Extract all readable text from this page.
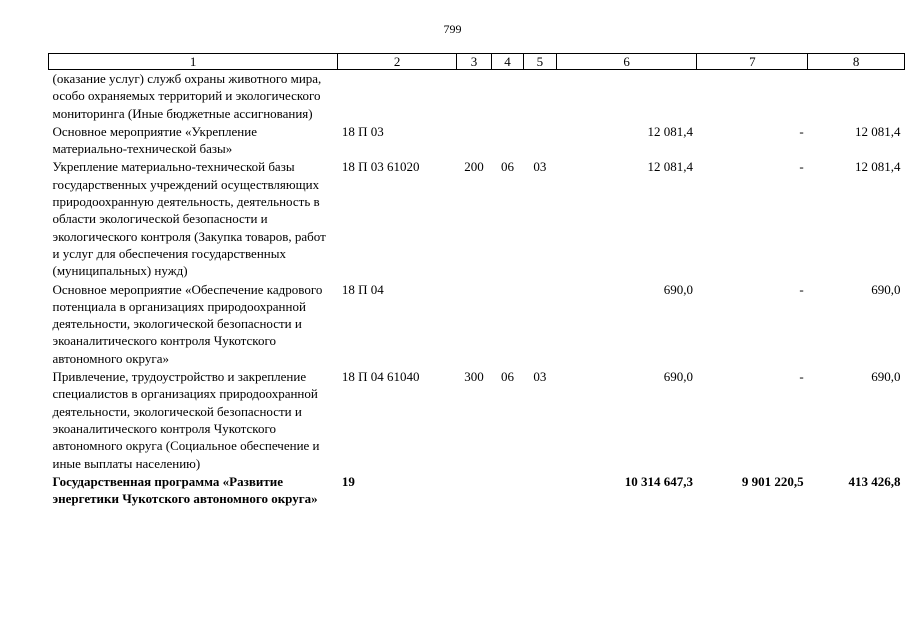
799
1	2	3	4	5	6	7	8
(оказание услуг) служб охраны животного мира, особо охраняемых территорий и экологического мониторинга (Иные бюджетные ассигнования)							
Основное мероприятие «Укрепление материально-технической базы»	18 П 03				12 081,4	-	12 081,4
Укрепление материально-технической базы государственных учреждений осуществляющих природоохранную деятельность, деятельность в области экологической безопасности и экологического контроля (Закупка товаров, работ и услуг для обеспечения государственных (муниципальных) нужд)	18 П 03 61020	200	06	03	12 081,4	-	12 081,4
Основное мероприятие «Обеспечение кадрового потенциала в организациях природоохранной деятельности, экологической безопасности и экоаналитического контроля Чукотского автономного округа»	18 П 04				690,0	-	690,0
Привлечение, трудоустройство и закрепление специалистов в организациях природоохранной деятельности, экологической безопасности и экоаналитического контроля Чукотского автономного округа (Социальное обеспечение и иные выплаты населению)	18 П 04 61040	300	06	03	690,0	-	690,0
Государственная программа «Развитие энергетики Чукотского автономного округа»	19				10 314 647,3	9 901 220,5	413 426,8
